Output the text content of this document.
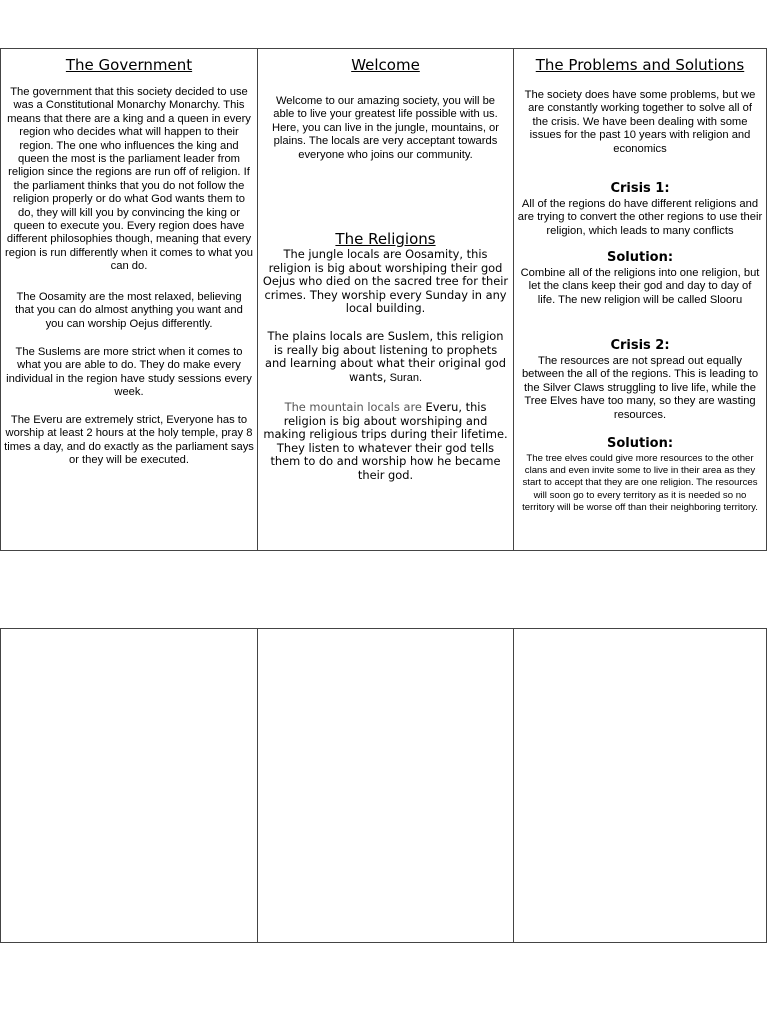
The Government

The government that this society decided to use was a Constitutional Monarchy Monarchy. This means that there are a king and a queen in every region who decides what will happen to their region. The one who influences the king and queen the most is the parliament leader from religion since the regions are run off of religion. If the parliament thinks that you do not follow the religion properly or do what God wants them to do, they will kill you by convincing the king or queen to execute you. Every region does have different philosophies though, meaning that every region is run differently when it comes to what you can do.

The Oosamity are the most relaxed, believing that you can do almost anything you want and you can worship Oejus differently.

The Suslems are more strict when it comes to what you are able to do. They do make every individual in the region have study sessions every week.

The Everu are extremely strict, Everyone has to worship at least 2 hours at the holy temple, pray 8 times a day, and do exactly as the parliament says or they will be executed.

Welcome

Welcome to our amazing society, you will be able to live your greatest life possible with us. Here, you can live in the jungle, mountains, or plains. The locals are very acceptant towards everyone who joins our community.

The Religions

The jungle locals are Oosamity, this religion is big about worshiping their god Oejus who died on the sacred tree for their crimes. They worship every Sunday in any local building.

The plains locals are Suslem, this religion is really big about listening to prophets and learning about what their original god wants, Suran.

The mountain locals are Everu, this religion is big about worshiping and making religious trips during their lifetime. They listen to whatever their god tells them to do and worship how he became their god.

The Problems and Solutions

The society does have some problems, but we are constantly working together to solve all of the crisis. We have been dealing with some issues for the past 10 years with religion and economics

Crisis 1:

All of the regions do have different religions and are trying to convert the other regions to use their religion, which leads to many conflicts

Solution:

Combine all of the religions into one religion, but let the clans keep their god and day to day of life. The new religion will be called Slooru

Crisis 2:

The resources are not spread out equally between the all of the regions. This is leading to the Silver Claws struggling to live life, while the Tree Elves have too many, so they are wasting resources.

Solution:

The tree elves could give more resources to the other clans and even invite some to live in their area as they start to accept that they are one religion. The resources will soon go to every territory as it is needed so no territory will be worse off than their neighboring territory.
